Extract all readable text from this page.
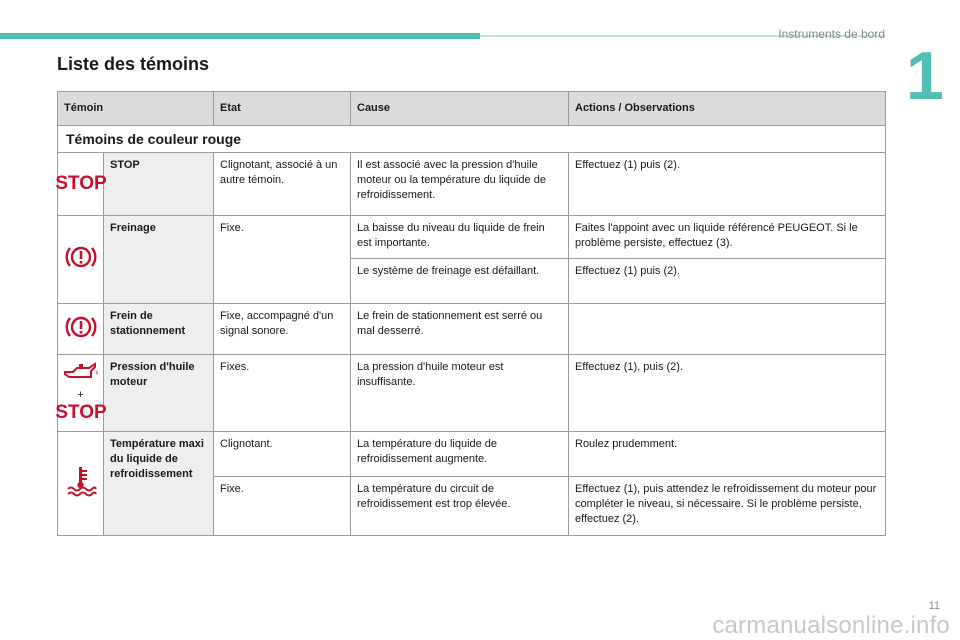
Instruments de bord
1
Liste des témoins
Témoin		Etat	Cause	Actions / Observations
Témoins de couleur rouge				

STOP	STOP	Clignotant, associé à un autre témoin.	Il est associé avec la pression d'huile moteur ou la température du liquide de refroidissement.	Effectuez (1) puis (2).
	Freinage	Fixe.	La baisse du niveau du liquide de frein est importante.	Faites l'appoint avec un liquide référencé PEUGEOT. Si le problème persiste, effectuez (3).
			Le système de freinage est défaillant.	Effectuez (1) puis (2).
	Frein de stationnement	Fixe, accompagné d'un signal sonore.	Le frein de stationnement est serré ou mal desserré.	

+
STOP	Pression d'huile moteur	Fixes.	La pression d'huile moteur est insuffisante.	Effectuez (1), puis (2).
	Température maxi du liquide de refroidissement	Clignotant.	La température du liquide de refroidissement augmente.	Roulez prudemment.
		Fixe.	La température du circuit de refroidissement est trop élevée.	Effectuez (1), puis attendez le refroidissement du moteur pour compléter le niveau, si nécessaire. Si le problème persiste, effectuez (2).
11
carmanualsonline.info
